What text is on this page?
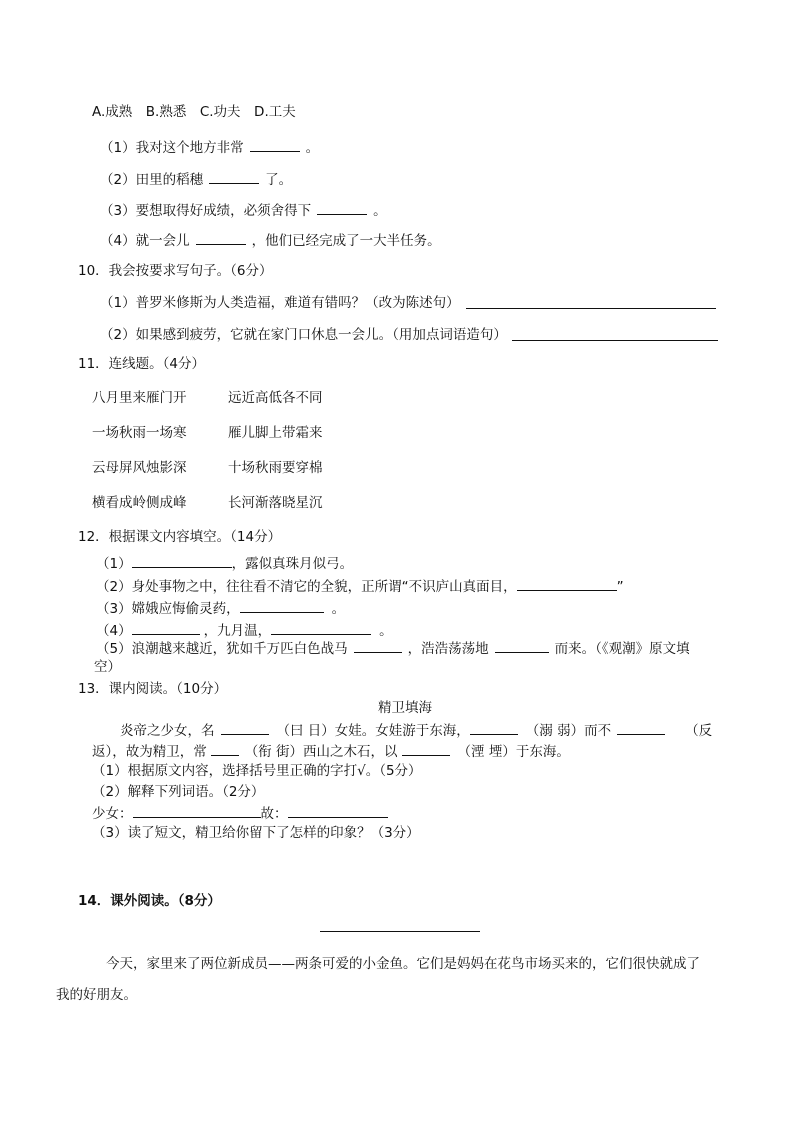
A.成熟　B.熟悉　C.功夫　D.工夫
（1）我对这个地方非常	。
（2）田里的稻穗	了。
（3）要想取得好成绩，必须舍得下	。
（4）就一会儿	，他们已经完成了一大半任务。
10．我会按要求写句子。（6分）
（1）普罗米修斯为人类造福，难道有错吗？（改为陈述句）
（2）如果感到疲劳，它就在家门口休息一会儿。（用加点词语造句）
11．连线题。（4分）
八月里来雁门开	远近高低各不同
一场秋雨一场寒	雁儿脚上带霜来
云母屏风烛影深	十场秋雨要穿棉
横看成岭侧成峰	长河渐落晓星沉
12．根据课文内容填空。（14分）
（1）	，露似真珠月似弓。
（2）身处事物之中，往往看不清它的全貌，正所谓“不识庐山真面目，	”
（3）嫦娥应悔偷灵药，	。
（4）	，九月温，	。
（5）浪潮越来越近，犹如千万匹白色战马	，浩浩荡荡地	而来。（《观潮》原文填
空）
13．课内阅读。（10分）
精卫填海
炎帝之少女，名	（曰 日）女娃。女娃游于东海，	（溺 弱）而不	（反
返），故为精卫，常	（衔 街）西山之木石，以	（湮 堙）于东海。
（1）根据原文内容，选择括号里正确的字打√。（5分）
（2）解释下列词语。（2分）
少女：	故：
（3）读了短文，精卫给你留下了怎样的印象？（3分）
14．课外阅读。（8分）
今天，家里来了两位新成员——两条可爱的小金鱼。它们是妈妈在花鸟市场买来的，它们很快就成了
我的好朋友。
